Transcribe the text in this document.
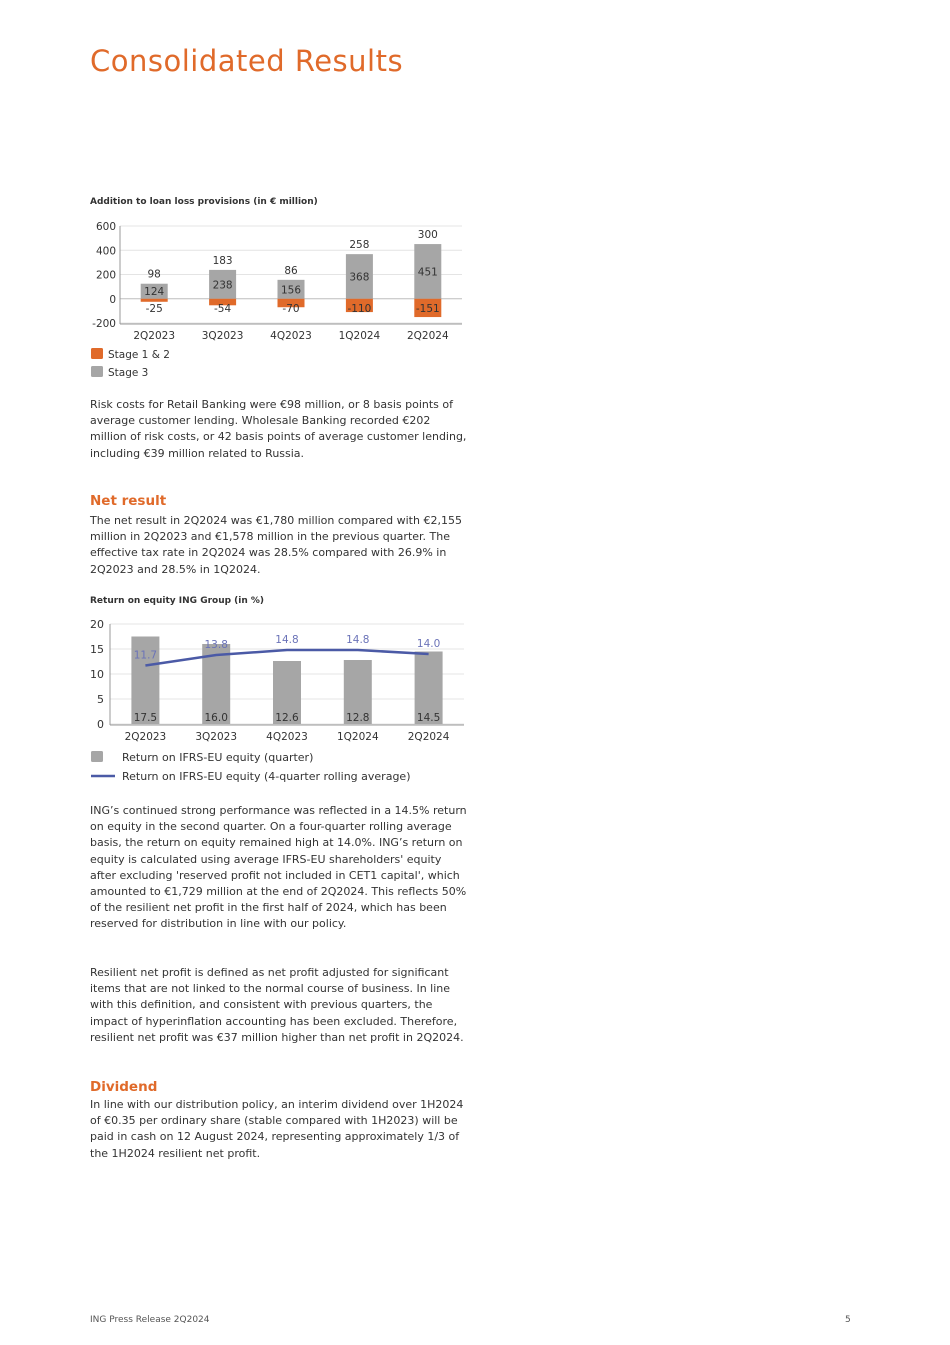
Consolidated Results
Addition to loan loss provisions (in € million)
-200
0
200
400
600
124
-25
98
2Q2023
238
-54
183
3Q2023
156
-70
86
4Q2023
368
-110
258
1Q2024
451
-151
300
2Q2024
Stage 1 & 2
Stage 3

Risk costs for Retail Banking were €98 million, or 8 basis points of average customer lending. Wholesale Banking recorded €202 million of risk costs, or 42 basis points of average customer lending, including €39 million related to Russia.

Net result

The net result in 2Q2024 was €1,780 million compared with €2,155 million in 2Q2023 and €1,578 million in the previous quarter. The effective tax rate in 2Q2024 was 28.5% compared with 26.9% in 2Q2023 and 28.5% in 1Q2024.

Return on equity ING Group (in %)
0
5
10
15
20
17.5
2Q2023
16.0
3Q2023
12.6
4Q2023
12.8
1Q2024
14.5
2Q2024
11.7
13.8	14.8	14.8	14.0
Return on IFRS-EU equity (quarter)
Return on IFRS-EU equity (4-quarter rolling average)

ING’s continued strong performance was reflected in a 14.5% return on equity in the second quarter. On a four-quarter rolling average basis, the return on equity remained high at 14.0%. ING’s return on equity is calculated using average IFRS-EU shareholders' equity after excluding 'reserved profit not included in CET1 capital', which amounted to €1,729 million at the end of 2Q2024. This reflects 50% of the resilient net profit in the first half of 2024, which has been reserved for distribution in line with our policy.

Resilient net profit is defined as net profit adjusted for significant items that are not linked to the normal course of business. In line with this definition, and consistent with previous quarters, the impact of hyperinflation accounting has been excluded. Therefore, resilient net profit was €37 million higher than net profit in 2Q2024.

Dividend

In line with our distribution policy, an interim dividend over 1H2024 of €0.35 per ordinary share (stable compared with 1H2023) will be paid in cash on 12 August 2024, representing approximately 1/3 of the 1H2024 resilient net profit.

ING Press Release 2Q2024	5
